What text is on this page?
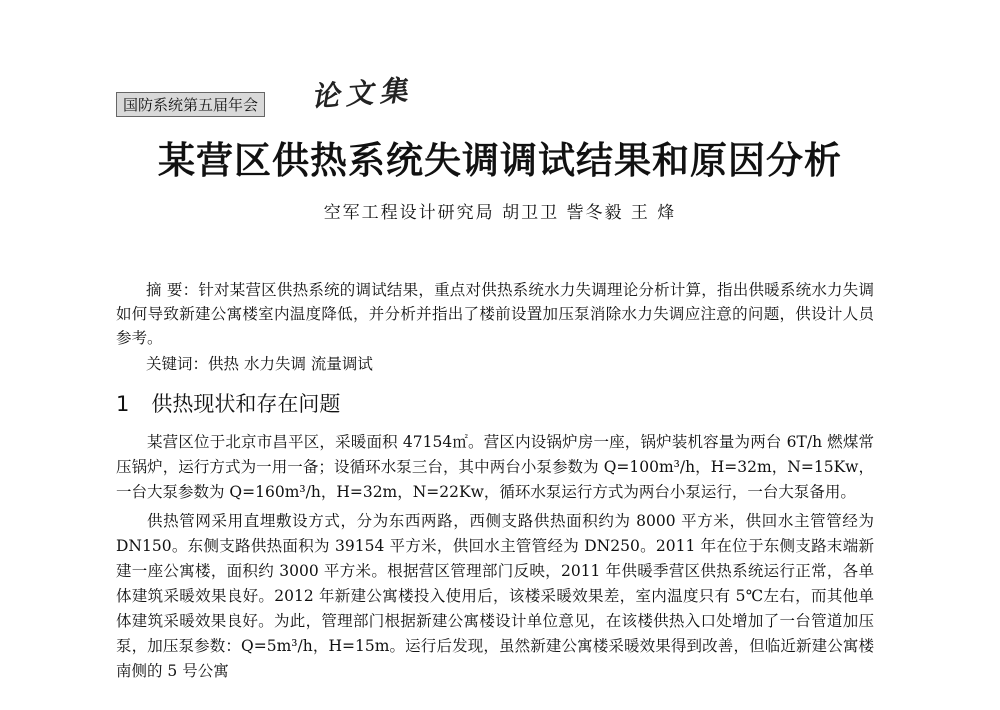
国防系统第五届年会 论文集
某营区供热系统失调调试结果和原因分析
空军工程设计研究局 胡卫卫 訾冬毅 王 烽
摘 要：针对某营区供热系统的调试结果，重点对供热系统水力失调理论分析计算，指出供暖系统水力失调如何导致新建公寓楼室内温度降低，并分析并指出了楼前设置加压泵消除水力失调应注意的问题，供设计人员参考。
关键词：供热 水力失调 流量调试
1 供热现状和存在问题

某营区位于北京市昌平区，采暖面积 47154㎡。营区内设锅炉房一座，锅炉装机容量为两台 6T/h 燃煤常压锅炉，运行方式为一用一备；设循环水泵三台，其中两台小泵参数为 Q=100m³/h，H=32m，N=15Kw，一台大泵参数为 Q=160m³/h，H=32m，N=22Kw，循环水泵运行方式为两台小泵运行，一台大泵备用。

供热管网采用直埋敷设方式，分为东西两路，西侧支路供热面积约为 8000 平方米，供回水主管管经为 DN150。东侧支路供热面积为 39154 平方米，供回水主管管经为 DN250。2011 年在位于东侧支路末端新建一座公寓楼，面积约 3000 平方米。根据营区管理部门反映，2011 年供暖季营区供热系统运行正常，各单体建筑采暖效果良好。2012 年新建公寓楼投入使用后，该楼采暖效果差，室内温度只有 5℃左右，而其他单体建筑采暖效果良好。为此，管理部门根据新建公寓楼设计单位意见，在该楼供热入口处增加了一台管道加压泵，加压泵参数：Q=5m³/h，H=15m。运行后发现，虽然新建公寓楼采暖效果得到改善，但临近新建公寓楼南侧的 5 号公寓
